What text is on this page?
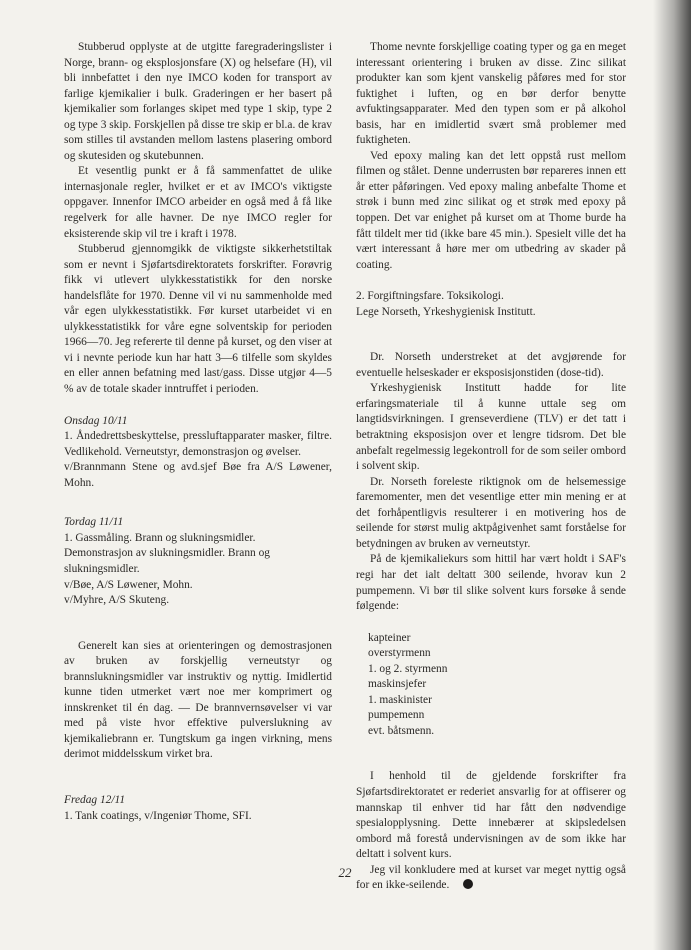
Stubberud opplyste at de utgitte faregraderingslister i Norge, brann- og eksplosjonsfare (X) og helsefare (H), vil bli innbefattet i den nye IMCO koden for transport av farlige kjemikalier i bulk. Graderingen er her basert på kjemikalier som forlanges skipet med type 1 skip, type 2 og type 3 skip. Forskjellen på disse tre skip er bl.a. de krav som stilles til avstanden mellom lastens plasering ombord og skutesiden og skutebunnen.

Et vesentlig punkt er å få sammenfattet de ulike internasjonale regler, hvilket er et av IMCO's viktigste oppgaver. Innenfor IMCO arbeider en også med å få like regelverk for alle havner. De nye IMCO regler for eksisterende skip vil tre i kraft i 1978.

Stubberud gjennomgikk de viktigste sikkerhetstiltak som er nevnt i Sjøfartsdirektoratets forskrifter. Forøvrig fikk vi utlevert ulykkesstatistikk for den norske handelsflåte for 1970. Denne vil vi nu sammenholde med vår egen ulykkesstatistikk. Før kurset utarbeidet vi en ulykkesstatistikk for våre egne solventskip for perioden 1966—70. Jeg refererte til denne på kurset, og den viser at vi i nevnte periode kun har hatt 3—6 tilfelle som skyldes en eller annen befatning med last/gass. Disse utgjør 4—5 % av de totale skader inntruffet i perioden.

Onsdag 10/11

1. Åndedrettsbeskyttelse, pressluftapparater masker, filtre. Vedlikehold. Verneutstyr, demonstrasjon og øvelser.

v/Brannmann Stene og avd.sjef Bøe fra A/S Løwener, Mohn.

Tordag 11/11

1. Gassmåling. Brann og slukningsmidler.

Demonstrasjon av slukningsmidler. Brann og slukningsmidler.

v/Bøe, A/S Løwener, Mohn.

v/Myhre, A/S Skuteng.

Generelt kan sies at orienteringen og demostrasjonen av bruken av forskjellig verneutstyr og brannslukningsmidler var instruktiv og nyttig. Imidlertid kunne tiden utmerket vært noe mer komprimert og innskrenket til én dag. — De brannvernsøvelser vi var med på viste hvor effektive pulverslukning av kjemikaliebrann er. Tungtskum ga ingen virkning, mens derimot middelsskum virket bra.

Fredag 12/11

1. Tank coatings, v/Ingeniør Thome, SFI.

Thome nevnte forskjellige coating typer og ga en meget interessant orientering i bruken av disse. Zinc silikat produkter kan som kjent vanskelig påføres med for stor fuktighet i luften, og en bør derfor benytte avfuktingsapparater. Med den typen som er på alkohol basis, har en imidlertid svært små problemer med fuktigheten.

Ved epoxy maling kan det lett oppstå rust mellom filmen og stålet. Denne underrusten bør repareres innen ett år etter påføringen. Ved epoxy maling anbefalte Thome et strøk i bunn med zinc silikat og et strøk med epoxy på toppen. Det var enighet på kurset om at Thome burde ha fått tildelt mer tid (ikke bare 45 min.). Spesielt ville det ha vært interessant å høre mer om utbedring av skader på coating.

2. Forgiftningsfare. Toksikologi.

Lege Norseth, Yrkeshygienisk Institutt.

Dr. Norseth understreket at det avgjørende for eventuelle helseskader er eksposisjonstiden (dose-tid).

Yrkeshygienisk Institutt hadde for lite erfaringsmateriale til å kunne uttale seg om langtidsvirkningen. I grenseverdiene (TLV) er det tatt i betraktning eksposisjon over et lengre tidsrom. Det ble anbefalt regelmessig legekontroll for de som seiler ombord i solvent skip.

Dr. Norseth foreleste riktignok om de helsemessige faremomenter, men det vesentlige etter min mening er at det forhåpentligvis resulterer i en motivering hos de seilende for størst mulig aktpågivenhet samt forståelse for betydningen av bruken av verneutstyr.

På de kjemikaliekurs som hittil har vært holdt i SAF's regi har det ialt deltatt 300 seilende, hvorav kun 2 pumpemenn. Vi bør til slike solvent kurs forsøke å sende følgende:

kapteiner

overstyrmenn

1. og 2. styrmenn

maskinsjefer

1. maskinister

pumpemenn

evt. båtsmenn.

I henhold til de gjeldende forskrifter fra Sjøfartsdirektoratet er rederiet ansvarlig for at offiserer og mannskap til enhver tid har fått den nødvendige spesialopplysning. Dette innebærer at skipsledelsen ombord må forestå undervisningen av de som ikke har deltatt i solvent kurs.

Jeg vil konkludere med at kurset var meget nyttig også for en ikke-seilende.

22
